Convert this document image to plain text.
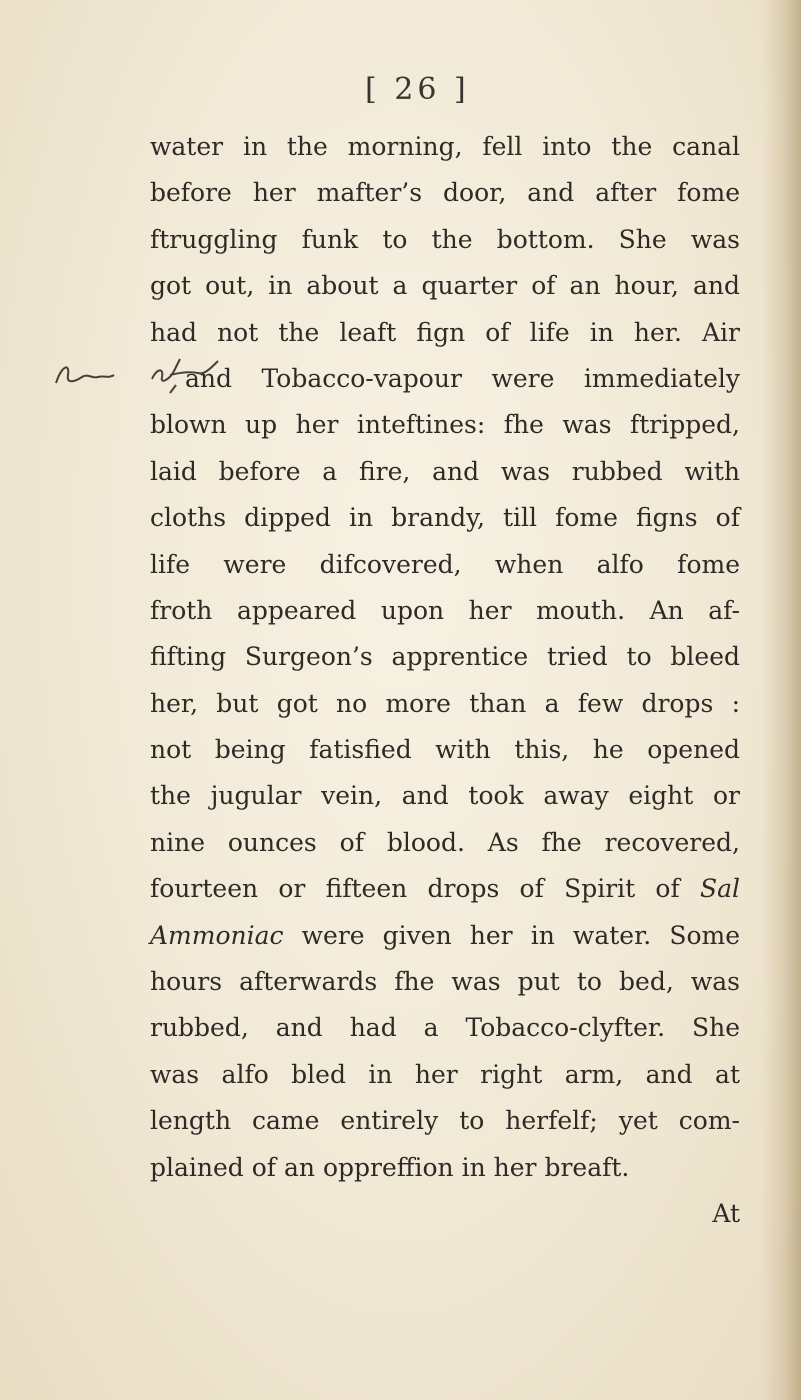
[ 26 ]
water in the morning, fell into the canal
before her mafter’s door, and after fome
ftruggling funk to the bottom. She was
got out, in about a quarter of an hour, and
had not the leaft fign of life in her. Air
and Tobacco-vapour were immediately
blown up her inteftines: fhe was ftripped,
laid before a fire, and was rubbed with
cloths dipped in brandy, till fome figns of
life were difcovered, when alfo fome
froth appeared upon her mouth. An af-
fifting Surgeon’s apprentice tried to bleed
her, but got no more than a few drops :
not being fatisfied with this, he opened
the jugular vein, and took away eight or
nine ounces of blood. As fhe recovered,
fourteen or fifteen drops of Spirit of Sal
Ammoniac were given her in water. Some
hours afterwards fhe was put to bed, was
rubbed, and had a Tobacco-clyfter. She
was alfo bled in her right arm, and at
length came entirely to herfelf; yet com-
plained of an oppreffion in her breaft.
At
